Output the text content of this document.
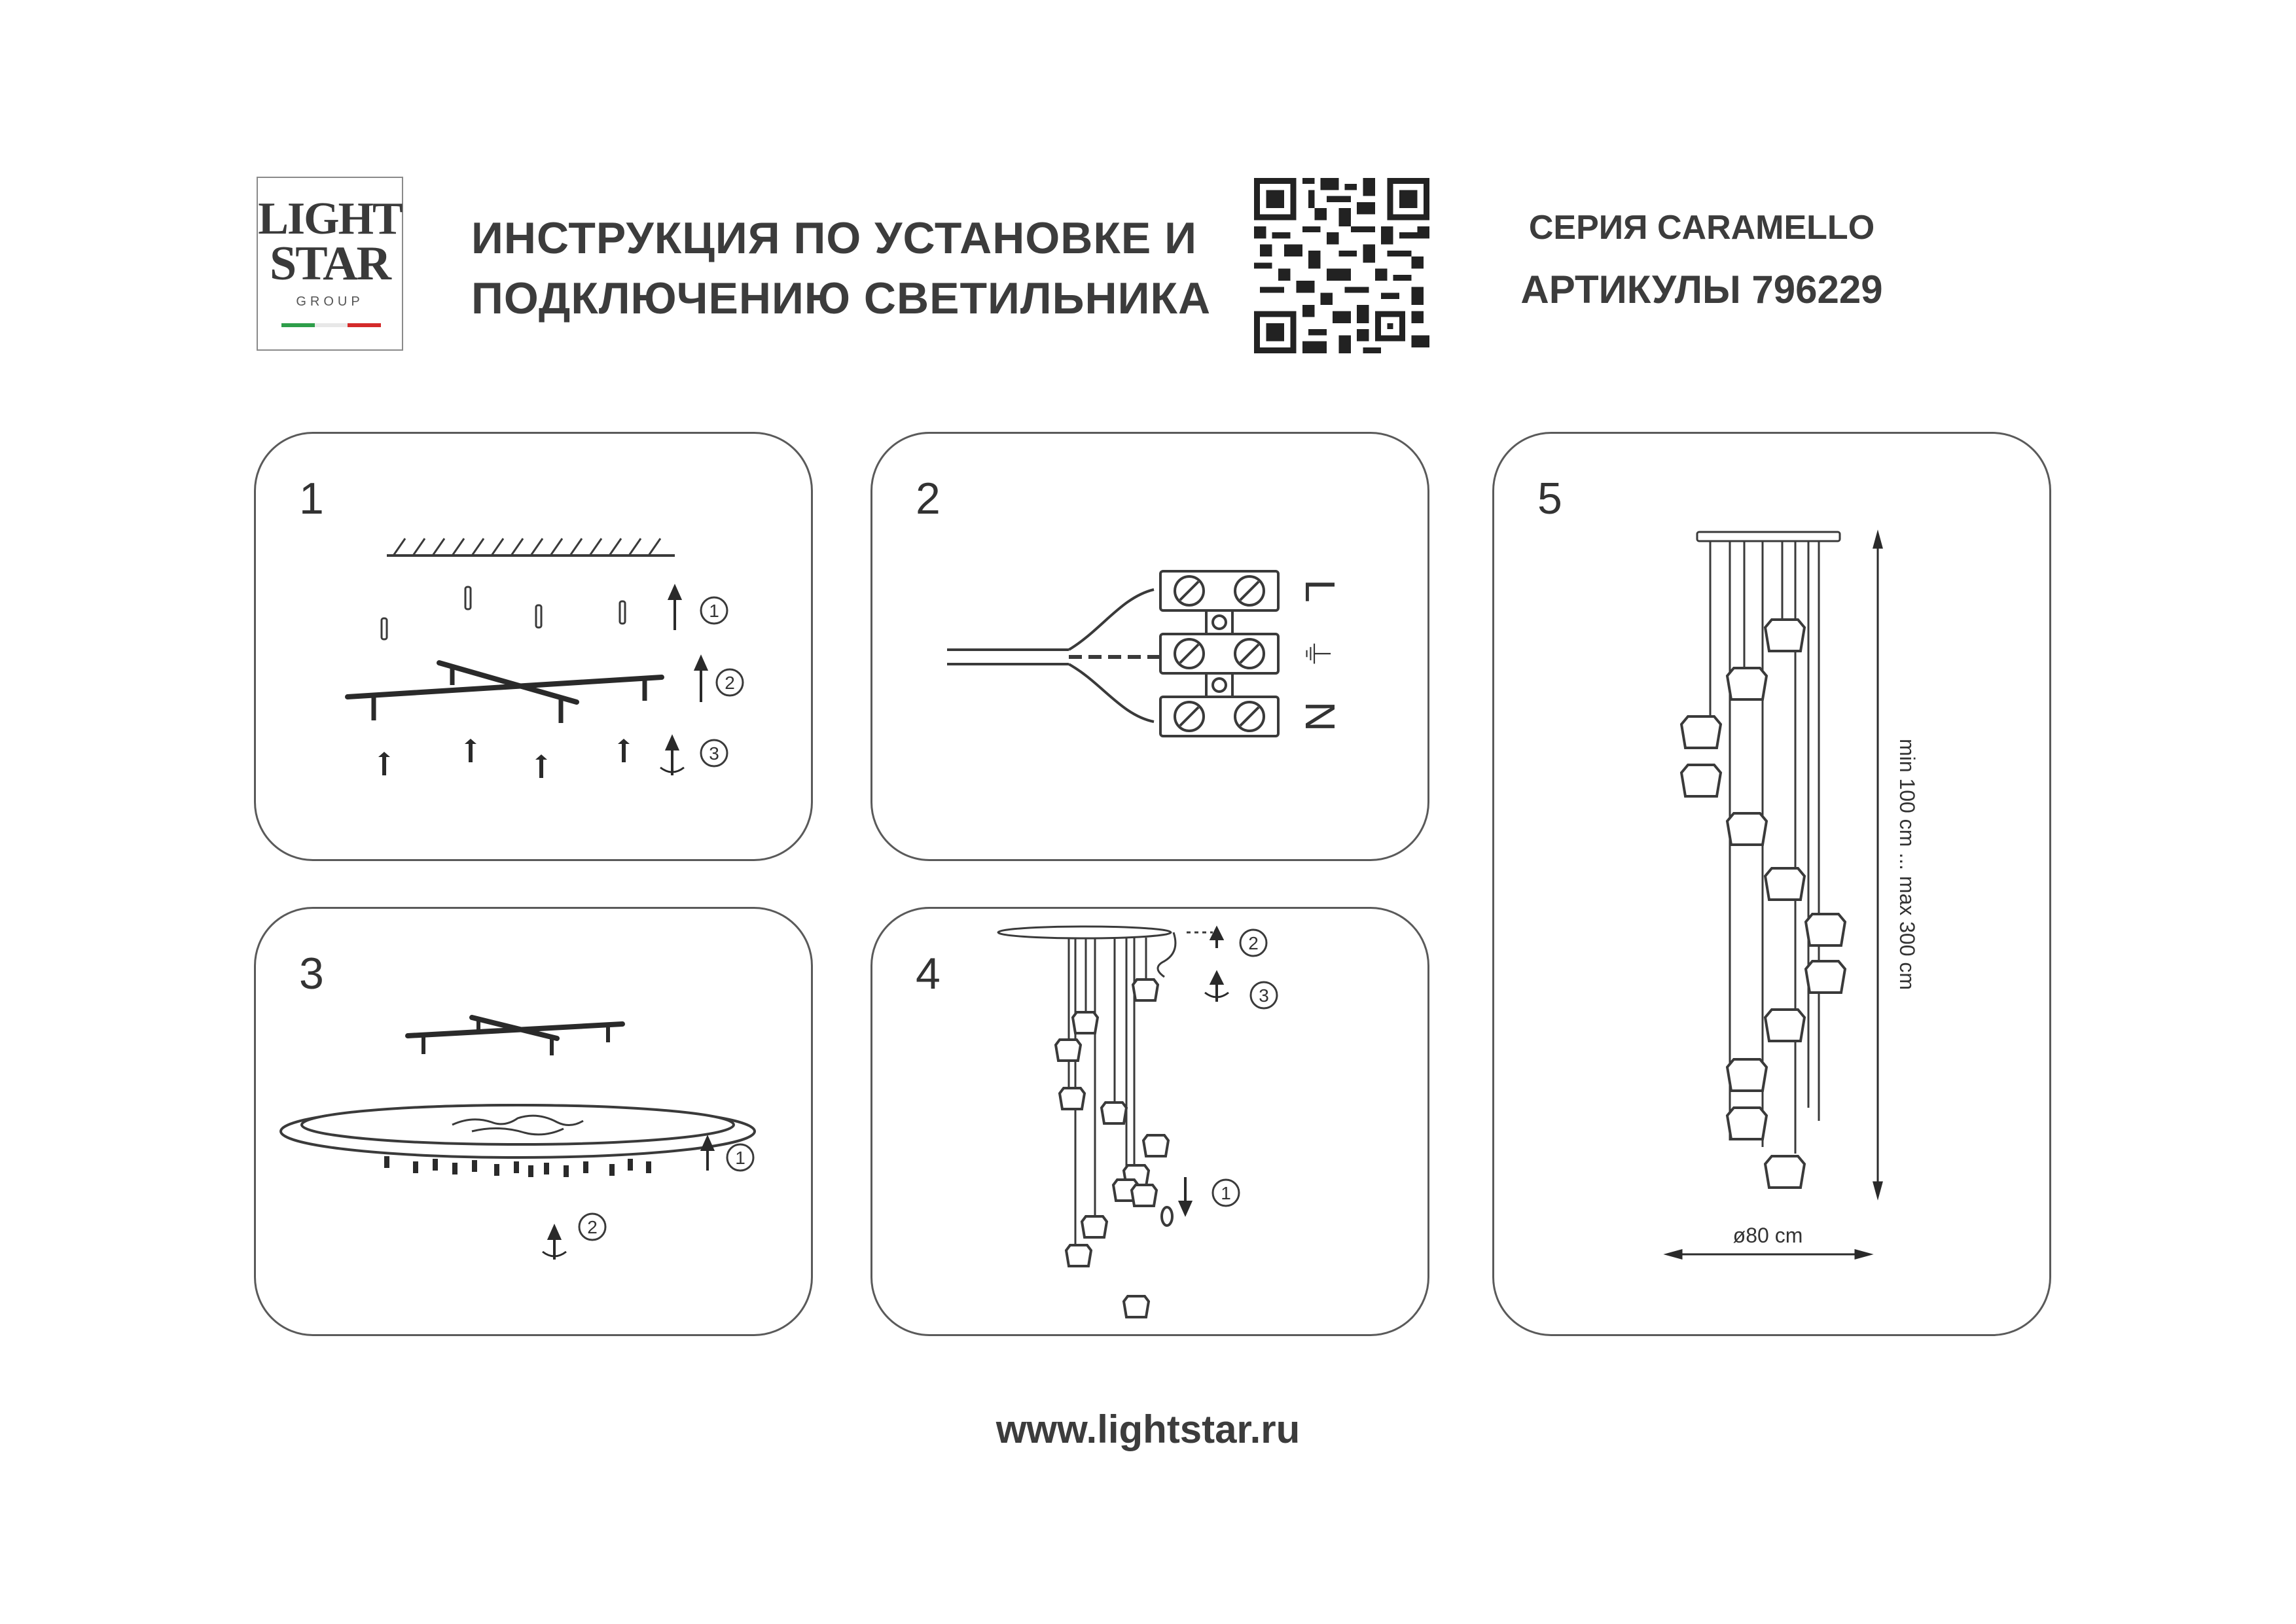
LIGHT
STAR
GROUP
ИНСТРУКЦИЯ ПО УСТАНОВКЕ И
ПОДКЛЮЧЕНИЮ СВЕТИЛЬНИКА
СЕРИЯ CARAMELLO
АРТИКУЛЫ 796229
1
1
2
3
2
L
⏚
N
3
1
2
4
2
3
1
5
min 100 cm ... max 300 cm
ø80 cm
www.lightstar.ru
